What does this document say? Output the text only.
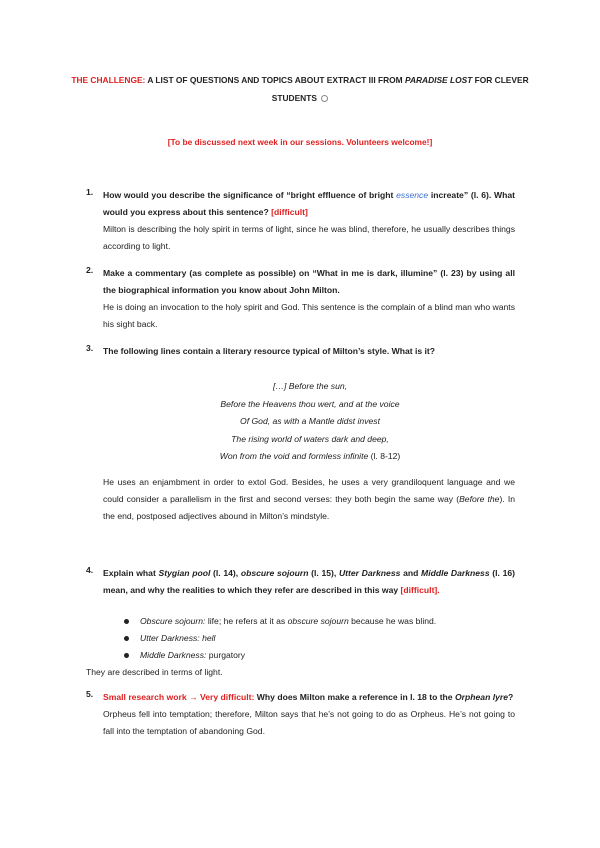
THE CHALLENGE: A LIST OF QUESTIONS AND TOPICS ABOUT EXTRACT III FROM PARADISE LOST FOR CLEVER STUDENTS
[To be discussed next week in our sessions. Volunteers welcome!]
1. How would you describe the significance of “bright effluence of bright essence increate” (l. 6). What would you express about this sentence? [difficult]
Milton is describing the holy spirit in terms of light, since he was blind, therefore, he usually describes things according to light.
2. Make a commentary (as complete as possible) on “What in me is dark, illumine” (l. 23) by using all the biographical information you know about John Milton.
He is doing an invocation to the holy spirit and God. This sentence is the complain of a blind man who wants his sight back.
3. The following lines contain a literary resource typical of Milton’s style. What is it?
[…] Before the sun,
Before the Heavens thou wert, and at the voice
Of God, as with a Mantle didst invest
The rising world of waters dark and deep,
Won from the void and formless infinite (l. 8-12)
He uses an enjambment in order to extol God. Besides, he uses a very grandiloquent language and we could consider a parallelism in the first and second verses: they both begin the same way (Before the). In the end, postposed adjectives abound in Milton’s mindstyle.
4. Explain what Stygian pool (l. 14), obscure sojourn (l. 15), Utter Darkness and Middle Darkness (l. 16) mean, and why the realities to which they refer are described in this way [difficult].
Obscure sojourn: life; he refers at it as obscure sojourn because he was blind.
Utter Darkness: hell
Middle Darkness: purgatory
They are described in terms of light.
5. Small research work → Very difficult: Why does Milton make a reference in l. 18 to the Orphean lyre?
Orpheus fell into temptation; therefore, Milton says that he’s not going to do as Orpheus. He’s not going to fall into the temptation of abandoning God.
